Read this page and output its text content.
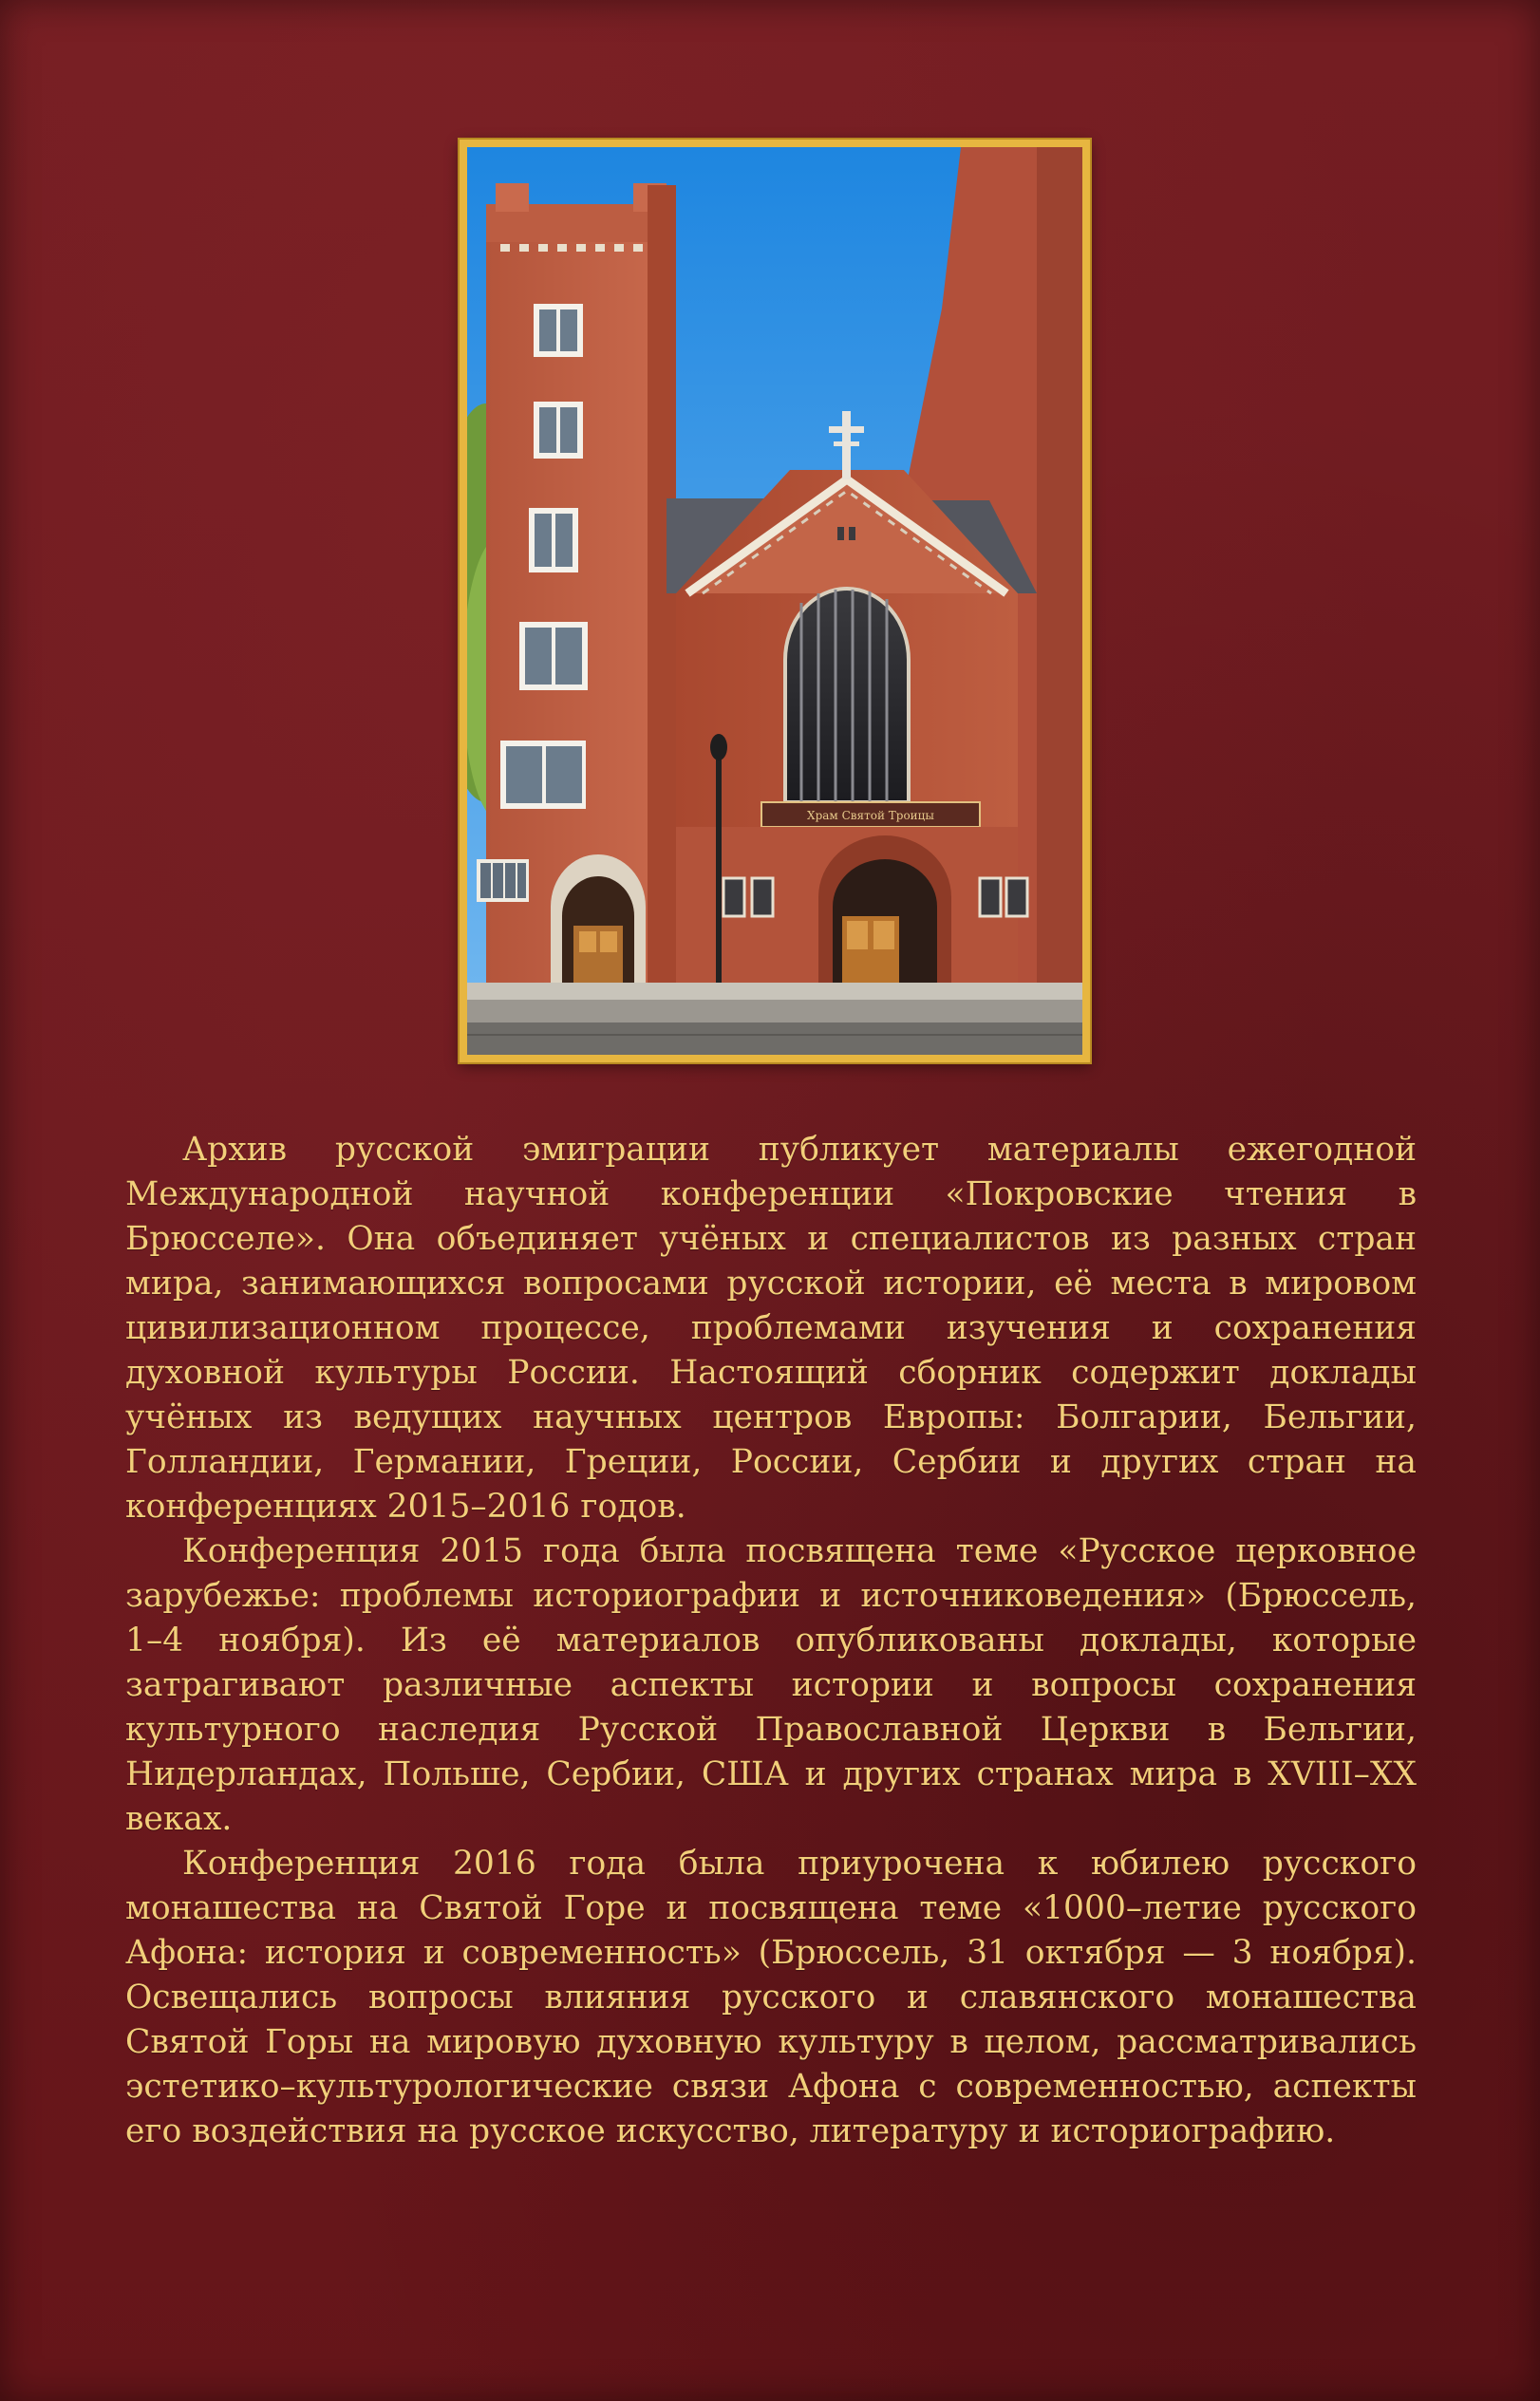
Храм Святой Троицы

Архив русской эмиграции публикует материалы ежегодной Международной научной конференции «Покровские чтения в Брюсселе». Она объединяет учёных и специалистов из разных стран мира, занимающихся вопросами русской истории, её места в мировом цивилизационном процессе, проблемами изучения и сохранения духовной культуры России. Настоящий сборник содержит доклады учёных из ведущих научных центров Европы: Болгарии, Бельгии, Голландии, Германии, Греции, России, Сербии и других стран на конференциях 2015–2016 годов.

Конференция 2015 года была посвящена теме «Русское церковное зарубежье: проблемы историографии и источниковедения» (Брюссель, 1–4 ноября). Из её материалов опубликованы доклады, которые затрагивают различные аспекты истории и вопросы сохранения культурного наследия Русской Православной Церкви в Бельгии, Нидерландах, Польше, Сербии, США и других странах мира в XVIII–XX веках.

Конференция 2016 года была приурочена к юбилею русского монашества на Святой Горе и посвящена теме «1000–летие русского Афона: история и современность» (Брюссель, 31 октября — 3 ноября). Освещались вопросы влияния русского и славянского монашества Святой Горы на мировую духовную культуру в целом, рассматривались эстетико–культурологические связи Афона с современностью, аспекты его воздействия на русское искусство, литературу и историографию.
